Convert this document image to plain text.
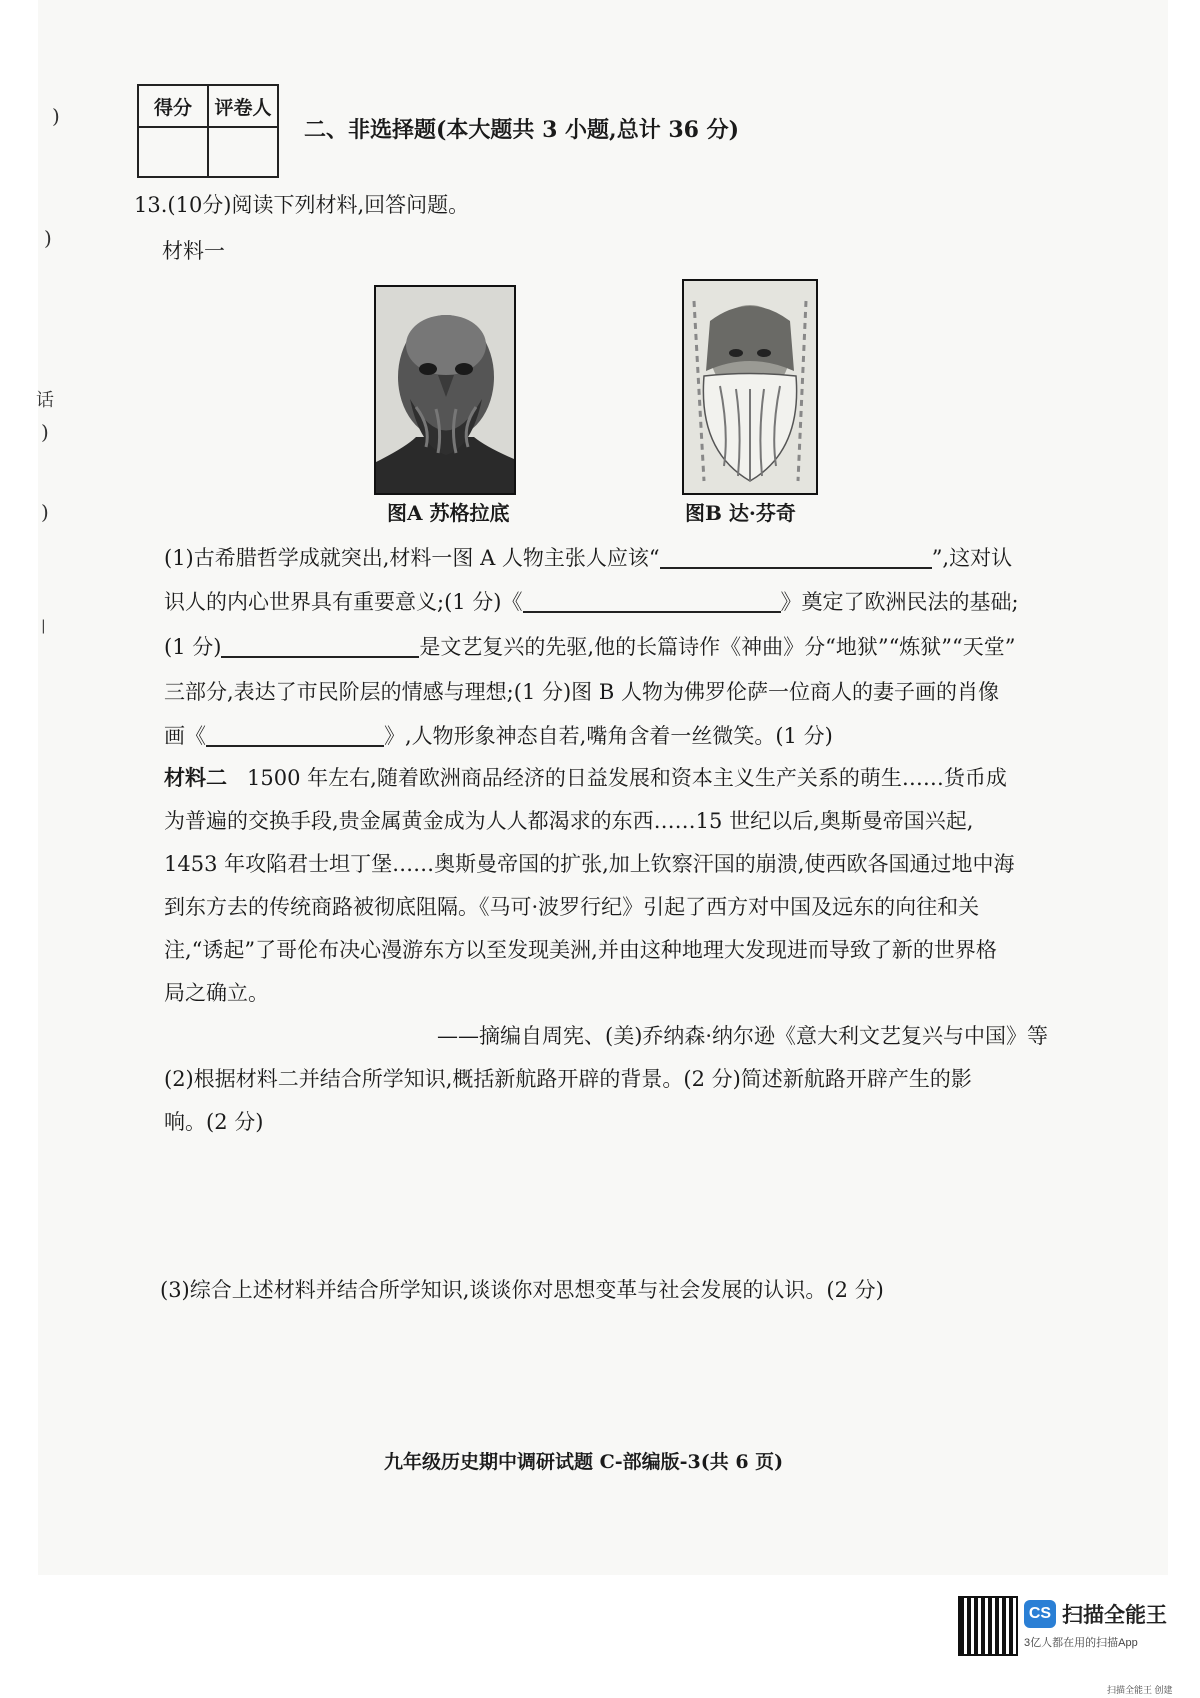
)
)
话
)
)
|
得分	评卷人

二、非选择题(本大题共 3 小题,总计 36 分)
13.(10分)阅读下列材料,回答问题。
材料一
图A 苏格拉底	图B 达·芬奇
(1)古希腊哲学成就突出,材料一图 A 人物主张人应该“	”,这对认
识人的内心世界具有重要意义;(1 分)《	》奠定了欧洲民法的基础;
(1 分)	是文艺复兴的先驱,他的长篇诗作《神曲》分“地狱”“炼狱”“天堂”
三部分,表达了市民阶层的情感与理想;(1 分)图 B 人物为佛罗伦萨一位商人的妻子画的肖像
画《	》,人物形象神态自若,嘴角含着一丝微笑。(1 分)
材料二 1500 年左右,随着欧洲商品经济的日益发展和资本主义生产关系的萌生……货币成
为普遍的交换手段,贵金属黄金成为人人都渴求的东西……15 世纪以后,奥斯曼帝国兴起,
1453 年攻陷君士坦丁堡……奥斯曼帝国的扩张,加上钦察汗国的崩溃,使西欧各国通过地中海
到东方去的传统商路被彻底阻隔。《马可·波罗行纪》引起了西方对中国及远东的向往和关
注,“诱起”了哥伦布决心漫游东方以至发现美洲,并由这种地理大发现进而导致了新的世界格
局之确立。
——摘编自周宪、(美)乔纳森·纳尔逊《意大利文艺复兴与中国》等
(2)根据材料二并结合所学知识,概括新航路开辟的背景。(2 分)简述新航路开辟产生的影
响。(2 分)
(3)综合上述材料并结合所学知识,谈谈你对思想变革与社会发展的认识。(2 分)
九年级历史期中调研试题 C-部编版-3(共 6 页)
CS 扫描全能王
3亿人都在用的扫描App
扫描全能王 创建
